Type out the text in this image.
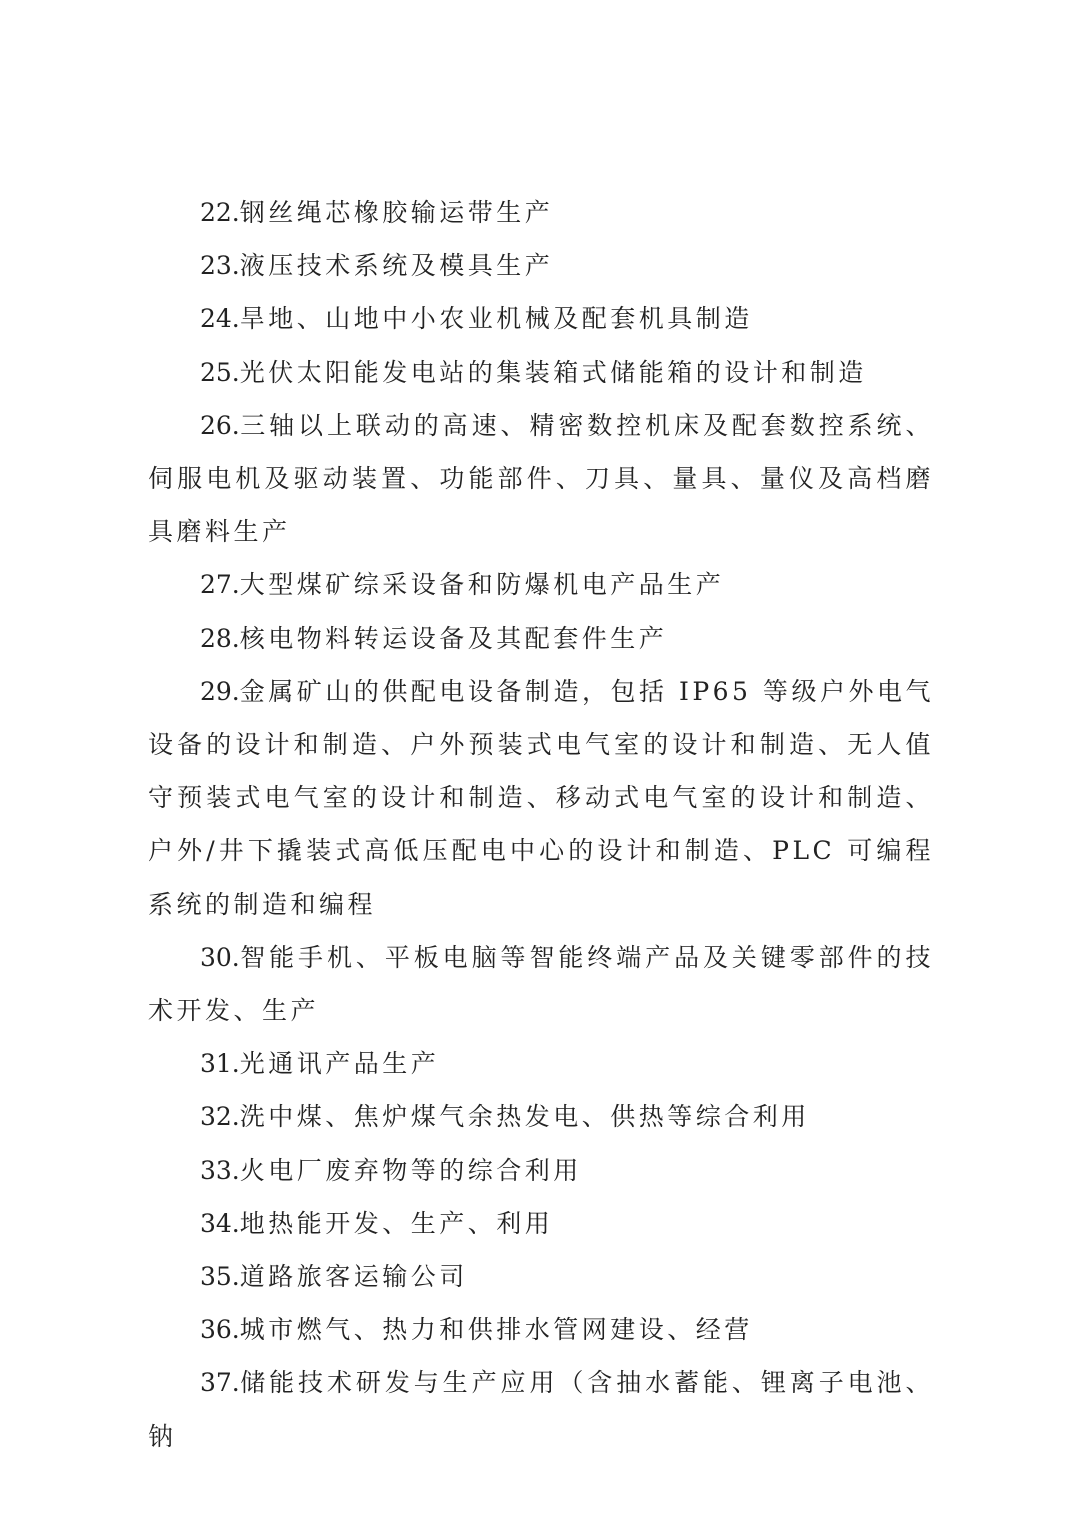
22.钢丝绳芯橡胶输运带生产

23.液压技术系统及模具生产

24.旱地、山地中小农业机械及配套机具制造

25.光伏太阳能发电站的集装箱式储能箱的设计和制造

26.三轴以上联动的高速、精密数控机床及配套数控系统、伺服电机及驱动装置、功能部件、刀具、量具、量仪及高档磨具磨料生产

27.大型煤矿综采设备和防爆机电产品生产

28.核电物料转运设备及其配套件生产

29.金属矿山的供配电设备制造，包括 IP65 等级户外电气设备的设计和制造、户外预装式电气室的设计和制造、无人值守预装式电气室的设计和制造、移动式电气室的设计和制造、户外/井下撬装式高低压配电中心的设计和制造、PLC 可编程系统的制造和编程

30.智能手机、平板电脑等智能终端产品及关键零部件的技术开发、生产

31.光通讯产品生产

32.洗中煤、焦炉煤气余热发电、供热等综合利用

33.火电厂废弃物等的综合利用

34.地热能开发、生产、利用

35.道路旅客运输公司

36.城市燃气、热力和供排水管网建设、经营

37.储能技术研发与生产应用（含抽水蓄能、锂离子电池、钠
